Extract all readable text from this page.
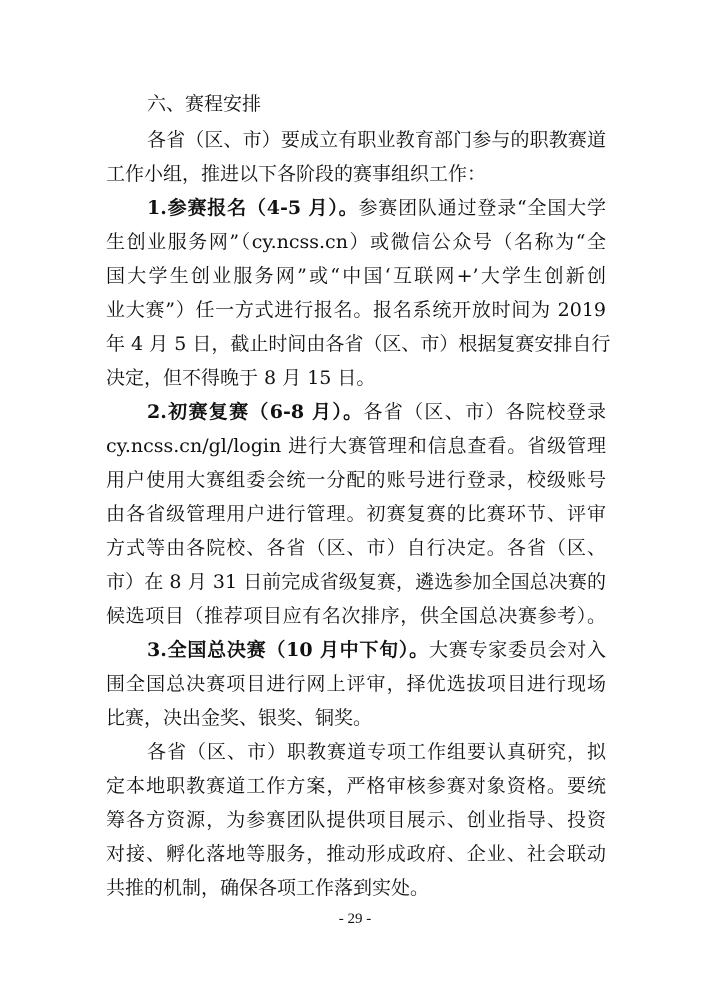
六、赛程安排

各省（区、市）要成立有职业教育部门参与的职教赛道

工作小组，推进以下各阶段的赛事组织工作：

1.参赛报名（4-5 月）。参赛团队通过登录“全国大学

生创业服务网”（cy.ncss.cn）或微信公众号（名称为“全

国大学生创业服务网”或“中国‘互联网+’大学生创新创

业大赛”）任一方式进行报名。报名系统开放时间为 2019

年 4 月 5 日，截止时间由各省（区、市）根据复赛安排自行

决定，但不得晚于 8 月 15 日。

2.初赛复赛（6-8 月）。各省（区、市）各院校登录

cy.ncss.cn/gl/login 进行大赛管理和信息查看。省级管理

用户使用大赛组委会统一分配的账号进行登录，校级账号

由各省级管理用户进行管理。初赛复赛的比赛环节、评审

方式等由各院校、各省（区、市）自行决定。各省（区、

市）在 8 月 31 日前完成省级复赛，遴选参加全国总决赛的

候选项目（推荐项目应有名次排序，供全国总决赛参考）。

3.全国总决赛（10 月中下旬）。大赛专家委员会对入

围全国总决赛项目进行网上评审，择优选拔项目进行现场

比赛，决出金奖、银奖、铜奖。

各省（区、市）职教赛道专项工作组要认真研究，拟

定本地职教赛道工作方案，严格审核参赛对象资格。要统

筹各方资源，为参赛团队提供项目展示、创业指导、投资

对接、孵化落地等服务，推动形成政府、企业、社会联动

共推的机制，确保各项工作落到实处。

- 29 -
